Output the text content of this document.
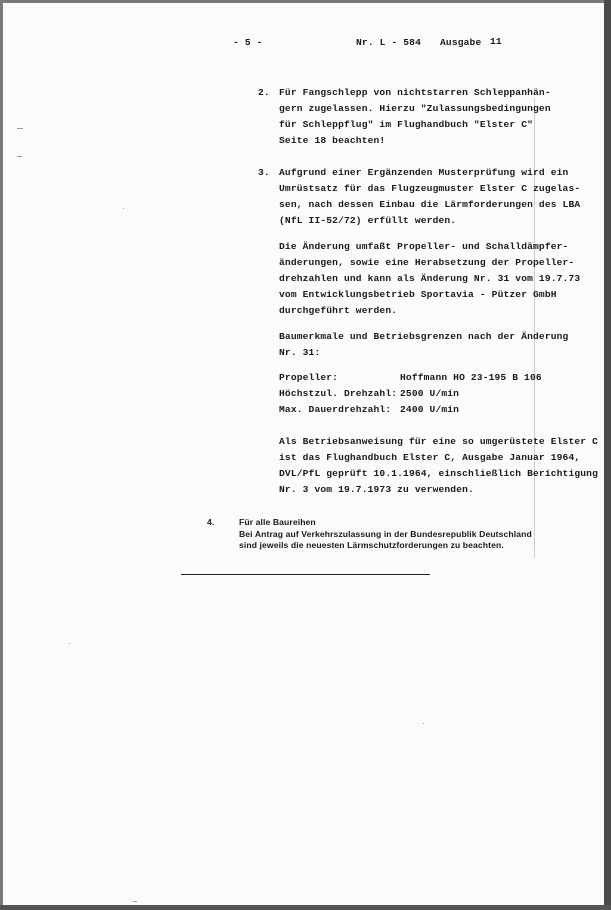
- 5 -	Nr. L - 584 Ausgabe 11
2. Für Fangschlepp von nichtstarren Schleppanhän-
gern zugelassen. Hierzu "Zulassungsbedingungen
für Schleppflug" im Flughandbuch "Elster C"
Seite 18 beachten!
3. Aufgrund einer Ergänzenden Musterprüfung wird ein
Umrüstsatz für das Flugzeugmuster Elster C zugelas-
sen, nach dessen Einbau die Lärmforderungen des LBA
(NfL II-52/72) erfüllt werden.
Die Änderung umfaßt Propeller- und Schalldämpfer-
änderungen, sowie eine Herabsetzung der Propeller-
drehzahlen und kann als Änderung Nr. 31 vom 19.7.73
vom Entwicklungsbetrieb Sportavia - Pützer GmbH
durchgeführt werden.
Baumerkmale und Betriebsgrenzen nach der Änderung
Nr. 31:
Propeller:	Hoffmann HO 23-195 B 106
Höchstzul. Drehzahl: 2500 U/min
Max. Dauerdrehzahl: 2400 U/min
Als Betriebsanweisung für eine so umgerüstete Elster C
ist das Flughandbuch Elster C, Ausgabe Januar 1964,
DVL/PfL geprüft 10.1.1964, einschließlich Berichtigung
Nr. 3 vom 19.7.1973 zu verwenden.
4.	Für alle Baureihen
Bei Antrag auf Verkehrszulassung in der Bundesrepublik Deutschland
sind jeweils die neuesten Lärmschutzforderungen zu beachten.
